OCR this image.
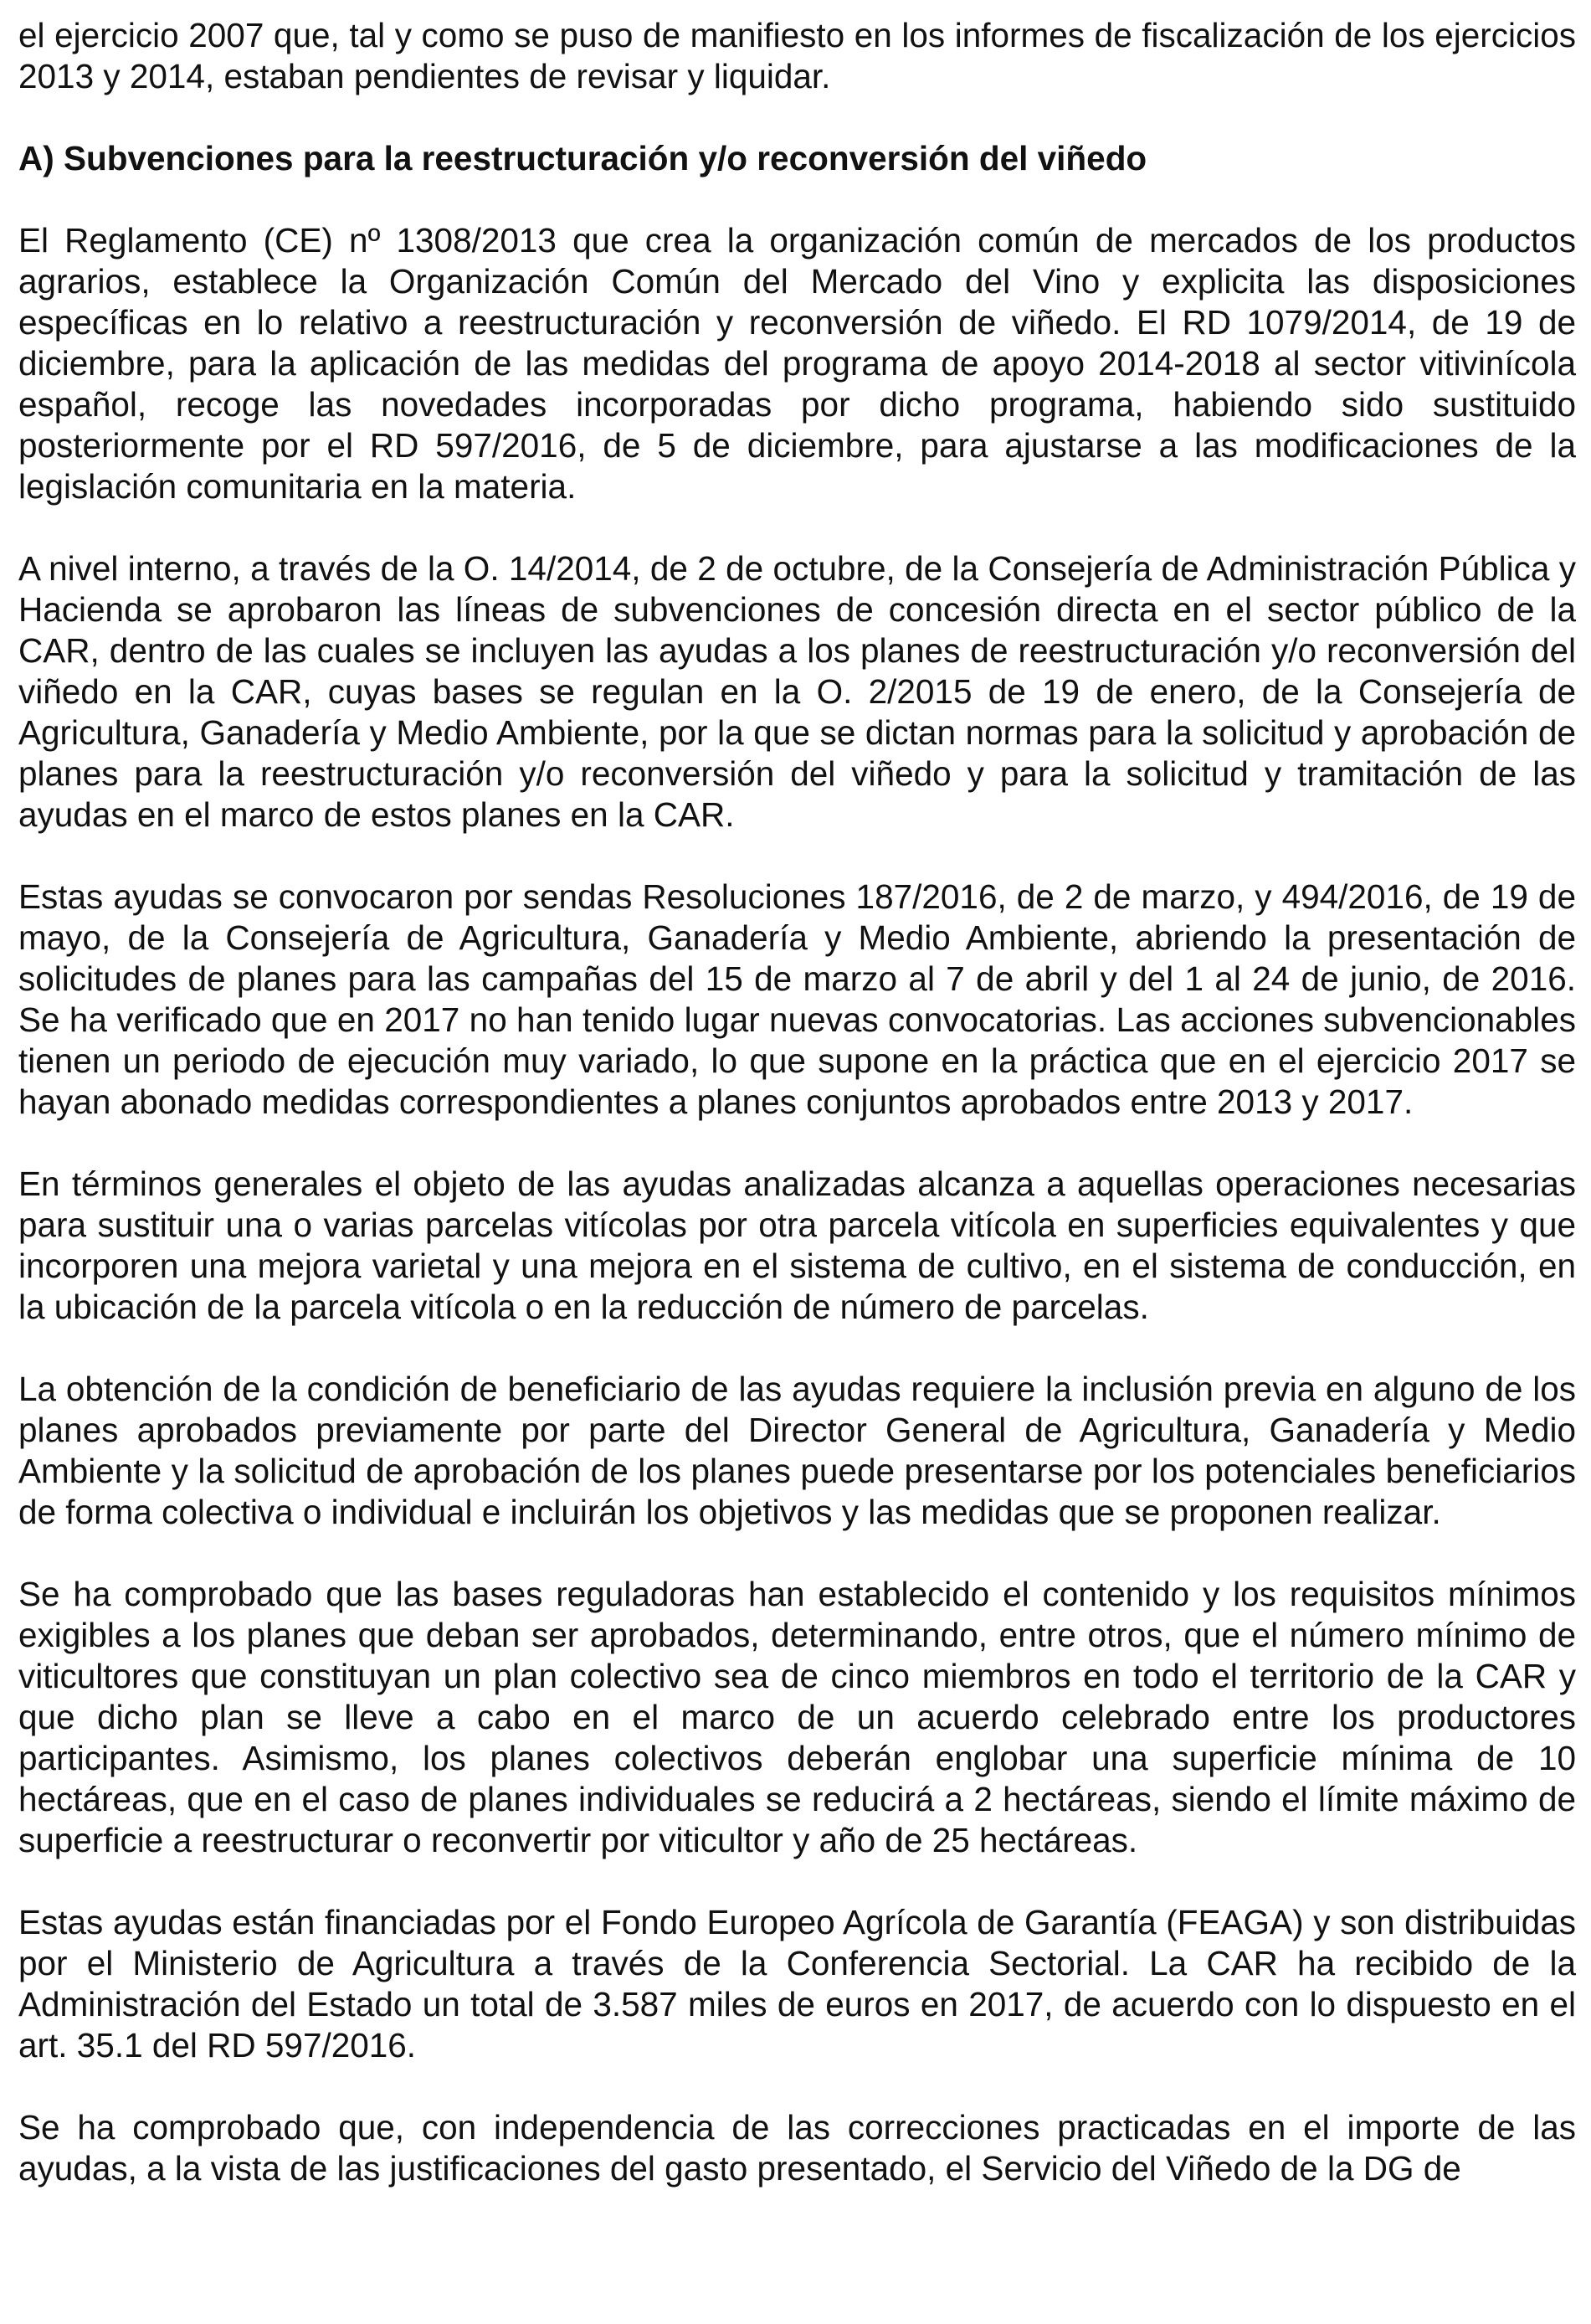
el ejercicio 2007 que, tal y como se puso de manifiesto en los informes de fiscalización de los ejercicios 2013 y 2014, estaban pendientes de revisar y liquidar.

A) Subvenciones para la reestructuración y/o reconversión del viñedo

El Reglamento (CE) nº 1308/2013 que crea la organización común de mercados de los productos agrarios, establece la Organización Común del Mercado del Vino y explicita las disposiciones específicas en lo relativo a reestructuración y reconversión de viñedo. El RD 1079/2014, de 19 de diciembre, para la aplicación de las medidas del programa de apoyo 2014-2018 al sector vitivinícola español, recoge las novedades incorporadas por dicho programa, habiendo sido sustituido posteriormente por el RD 597/2016, de 5 de diciembre, para ajustarse a las modificaciones de la legislación comunitaria en la materia.

A nivel interno, a través de la O. 14/2014, de 2 de octubre, de la Consejería de Administración Pública y Hacienda se aprobaron las líneas de subvenciones de concesión directa en el sector público de la CAR, dentro de las cuales se incluyen las ayudas a los planes de reestructuración y/o reconversión del viñedo en la CAR, cuyas bases se regulan en la O. 2/2015 de 19 de enero, de la Consejería de Agricultura, Ganadería y Medio Ambiente, por la que se dictan normas para la solicitud y aprobación de planes para la reestructuración y/o reconversión del viñedo y para la solicitud y tramitación de las ayudas en el marco de estos planes en la CAR.

Estas ayudas se convocaron por sendas Resoluciones 187/2016, de 2 de marzo, y 494/2016, de 19 de mayo, de la Consejería de Agricultura, Ganadería y Medio Ambiente, abriendo la presentación de solicitudes de planes para las campañas del 15 de marzo al 7 de abril y del 1 al 24 de junio, de 2016. Se ha verificado que en 2017 no han tenido lugar nuevas convocatorias. Las acciones subvencionables tienen un periodo de ejecución muy variado, lo que supone en la práctica que en el ejercicio 2017 se hayan abonado medidas correspondientes a planes conjuntos aprobados entre 2013 y 2017.

En términos generales el objeto de las ayudas analizadas alcanza a aquellas operaciones necesarias para sustituir una o varias parcelas vitícolas por otra parcela vitícola en superficies equivalentes y que incorporen una mejora varietal y una mejora en el sistema de cultivo, en el sistema de conducción, en la ubicación de la parcela vitícola o en la reducción de número de parcelas.

La obtención de la condición de beneficiario de las ayudas requiere la inclusión previa en alguno de los planes aprobados previamente por parte del Director General de Agricultura, Ganadería y Medio Ambiente y la solicitud de aprobación de los planes puede presentarse por los potenciales beneficiarios de forma colectiva o individual e incluirán los objetivos y las medidas que se proponen realizar.

Se ha comprobado que las bases reguladoras han establecido el contenido y los requisitos mínimos exigibles a los planes que deban ser aprobados, determinando, entre otros, que el número mínimo de viticultores que constituyan un plan colectivo sea de cinco miembros en todo el territorio de la CAR y que dicho plan se lleve a cabo en el marco de un acuerdo celebrado entre los productores participantes. Asimismo, los planes colectivos deberán englobar una superficie mínima de 10 hectáreas, que en el caso de planes individuales se reducirá a 2 hectáreas, siendo el límite máximo de superficie a reestructurar o reconvertir por viticultor y año de 25 hectáreas.

Estas ayudas están financiadas por el Fondo Europeo Agrícola de Garantía (FEAGA) y son distribuidas por el Ministerio de Agricultura a través de la Conferencia Sectorial. La CAR ha recibido de la Administración del Estado un total de 3.587 miles de euros en 2017, de acuerdo con lo dispuesto en el art. 35.1 del RD 597/2016.

Se ha comprobado que, con independencia de las correcciones practicadas en el importe de las ayudas, a la vista de las justificaciones del gasto presentado, el Servicio del Viñedo de la DG de
